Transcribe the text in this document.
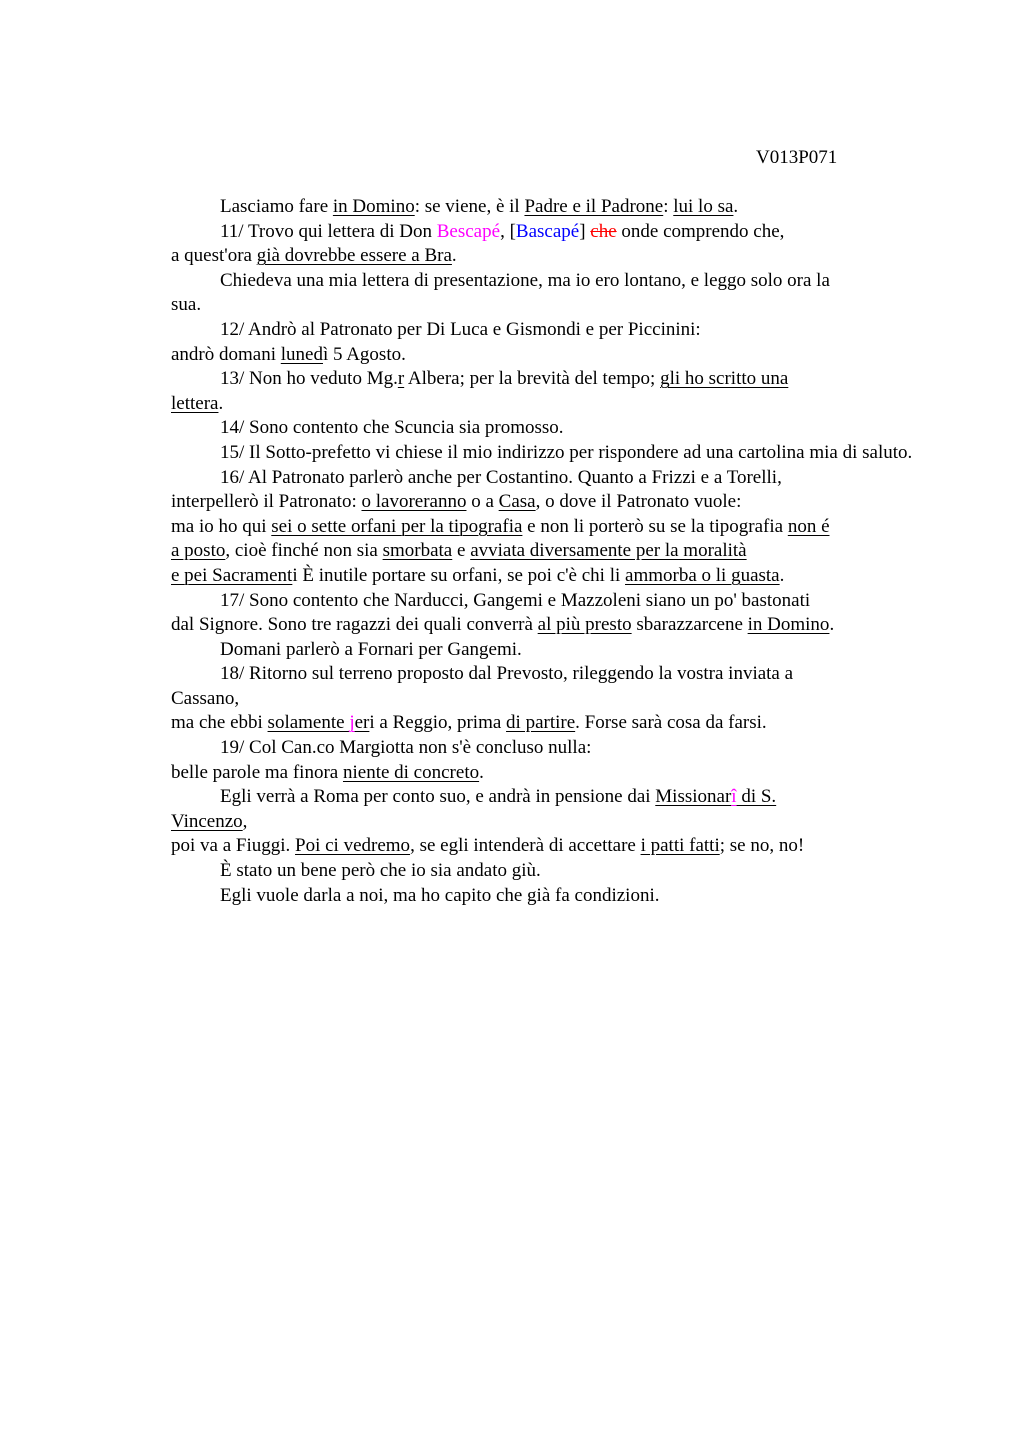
V013P071
Lasciamo fare in Domino: se viene, è il Padre e il Padrone: lui lo sa.
11/ Trovo qui lettera di Don Bescapé, [Bascapé] che onde comprendo che,
a quest'ora già dovrebbe essere a Bra.
Chiedeva una mia lettera di presentazione, ma io ero lontano, e leggo solo ora la
sua.
12/ Andrò al Patronato per Di Luca e Gismondi e per Piccinini:
andrò domani lunedì 5 Agosto.
13/ Non ho veduto Mg.r Albera; per la brevità del tempo; gli ho scritto una
lettera.
14/ Sono contento che Scuncia sia promosso.
15/ Il Sotto-prefetto vi chiese il mio indirizzo per rispondere ad una cartolina mia di saluto.
16/ Al Patronato parlerò anche per Costantino. Quanto a Frizzi e a Torelli,
interpellerò il Patronato: o lavoreranno o a Casa, o dove il Patronato vuole:
ma io ho qui sei o sette orfani per la tipografia e non li porterò su se la tipografia non é
a posto, cioè finché non sia smorbata e avviata diversamente per la moralità
e pei Sacramenti È inutile portare su orfani, se poi c'è chi li ammorba o li guasta.
17/ Sono contento che Narducci, Gangemi e Mazzoleni siano un po' bastonati
dal Signore. Sono tre ragazzi dei quali converrà al più presto sbarazzarcene in Domino.
Domani parlerò a Fornari per Gangemi.
18/ Ritorno sul terreno proposto dal Prevosto, rileggendo la vostra inviata a
Cassano,
ma che ebbi solamente jeri a Reggio, prima di partire. Forse sarà cosa da farsi.
19/ Col Can.co Margiotta non s'è concluso nulla:
belle parole ma finora niente di concreto.
Egli verrà a Roma per conto suo, e andrà in pensione dai Missionarî di S.
Vincenzo,
poi va a Fiuggi. Poi ci vedremo, se egli intenderà di accettare i patti fatti; se no, no!
È stato un bene però che io sia andato giù.
Egli vuole darla a noi, ma ho capito che già fa condizioni.
